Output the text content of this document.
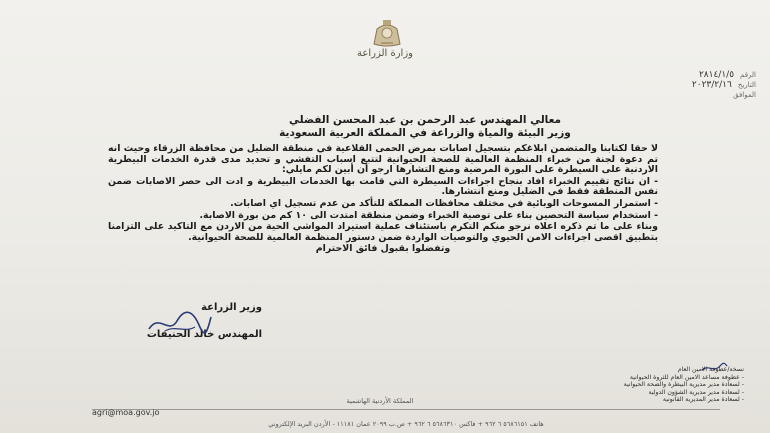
وزارة الزراعة
الرقم
٢٨١٤/١/٥
التاريخ
٢٠٢٣/٢/١٦
الموافق
معالي المهندس عبد الرحمن بن عبد المحسن الفضلي
وزير البيئة والمياة والزراعة في المملكة العربية السعودية

لا حقا لكتابنا والمتضمن ابلاغكم بتسجيل اصابات بمرض الحمى القلاعية في منطقة الضليل من محافظة الزرقاء وحيث انه تم دعوة لجنة من خبراء المنظمة العالمية للصحة الحيوانية لتتبع اسباب التفشي و تحديد مدى قدرة الخدمات البيطرية الاردنية على السيطرة على البورة المرضية ومنع التشارها ارجو أن أبين لكم مايلي:

- ان نتائج تقييم الخبراء افاد بنجاح اجراءات السيطرة التي قامت بها الخدمات البيطرية و ادت الى حصر الاصابات ضمن نفس المنطقة فقط في الضليل ومنع انتشارها.

- استمرار المسوحات الوبائية في مختلف محافظات المملكة للتأكد من عدم تسجيل اي اصابات.

- استخدام سياسة التحصين بناء على توصية الخبراء وضمن منطقة امتدت الى ١٠ كم من بورة الاصابة.

وبناء على ما تم ذكره اعلاه نرجو منكم التكرم باستئناف عملية استيراد المواشي الحية من الاردن مع التاكيد على التزامنا بتطبيق اقصى اجراءات الامن الحيوي والتوصيات الواردة ضمن دستور المنظمة العالمية للصحة الحيوانية.

وتفضلوا بقبول فائق الاحترام

وزير الزراعة
المهندس خالد الحنيفات
نسخة/عطوفة الامين العام
- عطوفة مساعد الامين العام للثروة الحيوانية
- لسعادة مدير مديرية البيطرة والصحة الحيوانية
- لسعادة مدير مديرية الشؤون الدولية
- لسعادة مدير المديرية القانونية
المملكة الأردنية الهاشمية
agri@moa.gov.jo
هاتف ٥٦٨٦١٥١ ٦ ٩٦٢ + فاكس ٥٦٨٦٣١٠ ٦ ٩٦٢ + ص.ب ٢٠٩٩ عمان ١١١٨١ - الأردن البريد الإلكتروني
